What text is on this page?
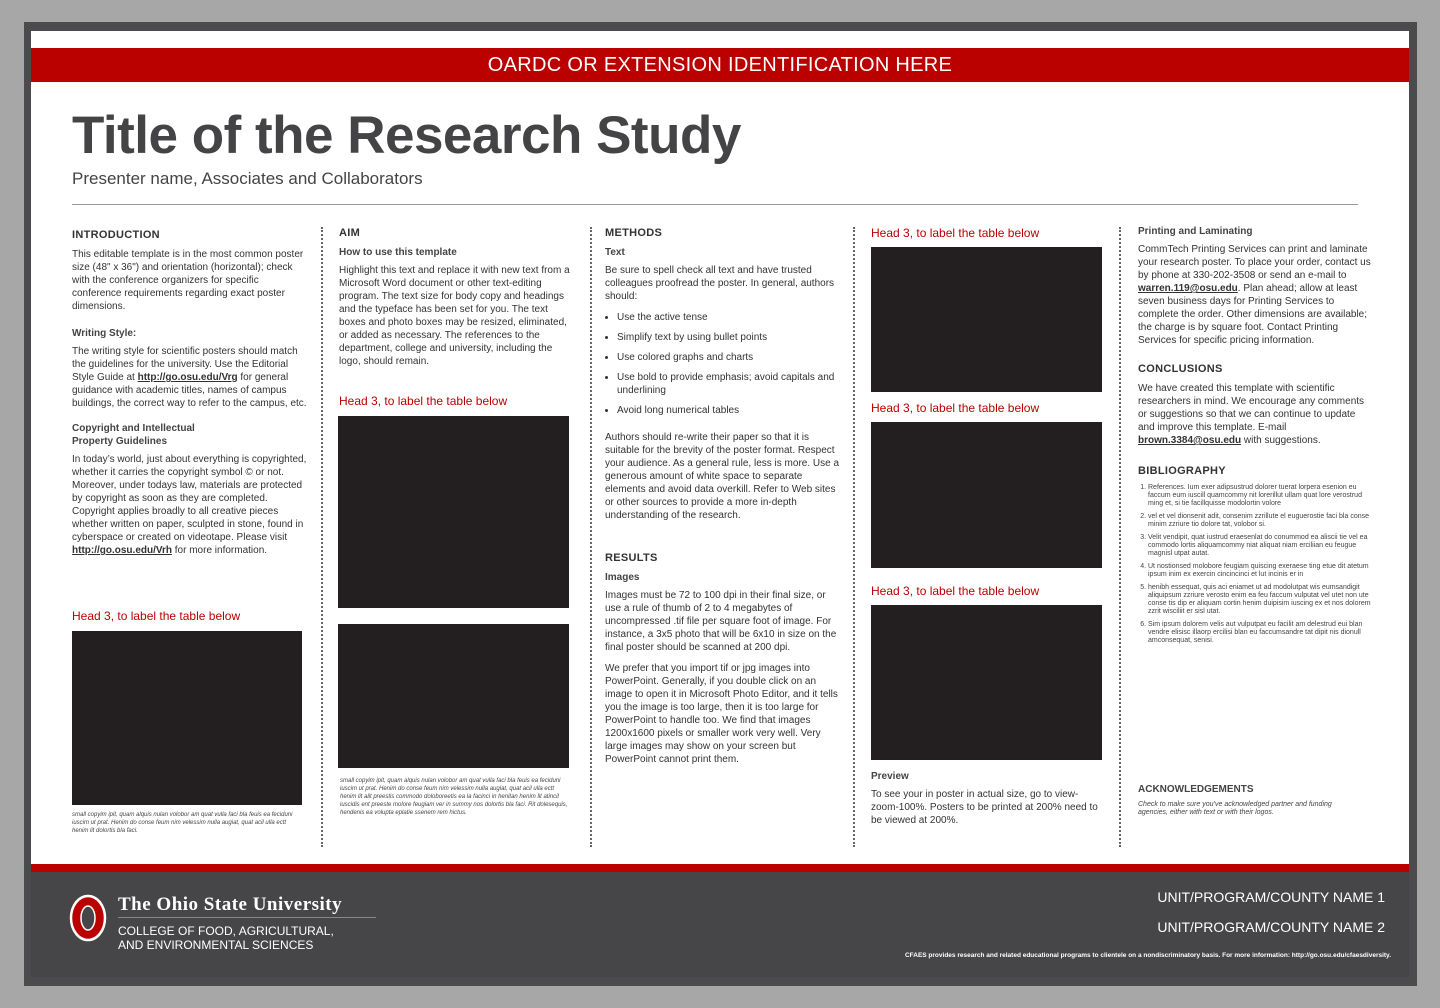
OARDC OR EXTENSION IDENTIFICATION HERE
Title of the Research Study
Presenter name, Associates and Collaborators
INTRODUCTION

This editable template is in the most common poster size (48" x 36") and orientation (horizontal); check with the conference organizers for specific conference requirements regarding exact poster dimensions.

Writing Style:

The writing style for scientific posters should match the guidelines for the university. Use the Editorial Style Guide at http://go.osu.edu/Vrg for general guidance with academic titles, names of campus buildings, the correct way to refer to the campus, etc.

Copyright and Intellectual Property Guidelines

In today’s world, just about everything is copyrighted, whether it carries the copyright symbol © or not. Moreover, under todays law, materials are protected by copyright as soon as they are completed. Copyright applies broadly to all creative pieces whether written on paper, sculpted in stone, found in cyberspace or created on videotape. Please visit http://go.osu.edu/Vrh for more information.

Head 3, to label the table below
small copyim ipit, quam alquis nulan volobor am quat vulla faci bla feuis ea feciduni iuscim ut prat. Henim do conse feum nim velessim nulla augiat, quat acil ulla ectt henim lit dolortis bla faci.
AIM
How to use this template

Highlight this text and replace it with new text from a Microsoft Word document or other text-editing program. The text size for body copy and headings and the typeface has been set for you. The text boxes and photo boxes may be resized, eliminated, or added as necessary. The references to the department, college and university, including the logo, should remain.

Head 3, to label the table below
small copyim ipit, quam alquis nulan volobor am quat vulla faci bla feuis ea feciduni iuscim ut prat. Henim do conse feum nim velessim nulla augiat, quat acil ulla ectt henim lit alit preestis commodo doloboreetis ea la facinci in henitan henim lit atincil iuscidis ent preeste molore feugiam ver in summy nos dolortis bla faci. Rit dolesequis, hendenis ea volupta eplatie ssenem rem hictus.
METHODS
Text

Be sure to spell check all text and have trusted colleagues proofread the poster. In general, authors should:

• Use the active tense
• Simplify text by using bullet points
• Use colored graphs and charts
• Use bold to provide emphasis; avoid capitals and underlining
• Avoid long numerical tables

Authors should re-write their paper so that it is suitable for the brevity of the poster format. Respect your audience. As a general rule, less is more. Use a generous amount of white space to separate elements and avoid data overkill. Refer to Web sites or other sources to provide a more in-depth understanding of the research.

RESULTS
Images

Images must be 72 to 100 dpi in their final size, or use a rule of thumb of 2 to 4 megabytes of uncompressed .tif file per square foot of image. For instance, a 3x5 photo that will be 6x10 in size on the final poster should be scanned at 200 dpi.

We prefer that you import tif or jpg images into PowerPoint. Generally, if you double click on an image to open it in Microsoft Photo Editor, and it tells you the image is too large, then it is too large for PowerPoint to handle too. We find that images 1200x1600 pixels or smaller work very well. Very large images may show on your screen but PowerPoint cannot print them.

Head 3, to label the table below
Head 3, to label the table below
Head 3, to label the table below
Preview

To see your in poster in actual size, go to view-zoom-100%. Posters to be printed at 200% need to be viewed at 200%.

Printing and Laminating

CommTech Printing Services can print and laminate your research poster. To place your order, contact us by phone at 330-202-3508 or send an e-mail to warren.119@osu.edu. Plan ahead; allow at least seven business days for Printing Services to complete the order. Other dimensions are available; the charge is by square foot. Contact Printing Services for specific pricing information.

CONCLUSIONS

We have created this template with scientific researchers in mind. We encourage any comments or suggestions so that we can continue to update and improve this template. E-mail brown.3384@osu.edu with suggestions.

BIBLIOGRAPHY
1. References. Ium exer adipsustrud dolorer tuerat lorpera esenion eu faccum eum iuscill quamcommy nit lorerillut ullam quat lore verostrud ming et, si tie facillquisse modolortin volore
2. vel et vel dionsenit adit, consenim zzrillute el euguerostie faci bla conse minim zzriure tio dolore tat, volobor si.
3. Velit vendipit, quat iustrud eraesenlat do conummod ea aliscii tie vel ea commodo lortis aliquamcommy niat aliquat niam erciliian eu feugue magnisl utpat autat.
4. Ut nostionsed molobore feugiam quiscing exeraese ting etue dit atetum ipsum inim ex exercin cincincinci et lut incinis er in
5. henibh essequat, quis aci eniamet ut ad modolutpat wis eumsandigit aliquipsum zzriure verosto enim ea feu faccum vulputat vel utet non ute conse tis dip er aliquam cortin henim duipisim iuscing ex et nos dolorem zzrit wisciliit er sisl utat.
6. Sim ipsum dolorem velis aut vulputpat eu facilit am delestrud eui blan vendre elisisc illaorp ercilisi blan eu faccumsandre tat dipit nis dionull amconsequat, senisi.
ACKNOWLEDGEMENTS
Check to make sure you’ve acknowledged partner and funding agencies, either with text or with their logos.
The Ohio State University
COLLEGE OF FOOD, AGRICULTURAL,
AND ENVIRONMENTAL SCIENCES
UNIT/PROGRAM/COUNTY NAME 1
UNIT/PROGRAM/COUNTY NAME 2
CFAES provides research and related educational programs to clientele on a nondiscriminatory basis. For more information: http://go.osu.edu/cfaesdiversity.
